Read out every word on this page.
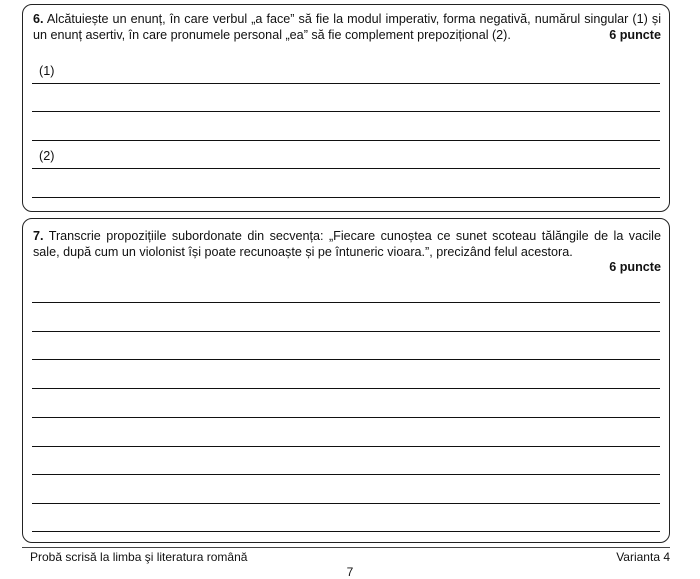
6. Alcătuiește un enunț, în care verbul „a face” să fie la modul imperativ, forma negativă, numărul singular (1) și un enunț asertiv, în care pronumele personal „ea” să fie complement prepozițional (2).	6 puncte
(1)
(2)
7. Transcrie propozițiile subordonate din secvența: „Fiecare cunoștea ce sunet scoteau tălăngile de la vacile sale, după cum un violonist își poate recunoaște și pe întuneric vioara.”, precizând felul acestora.
6 puncte
Probă scrisă la limba şi literatura română	Varianta 4
7
